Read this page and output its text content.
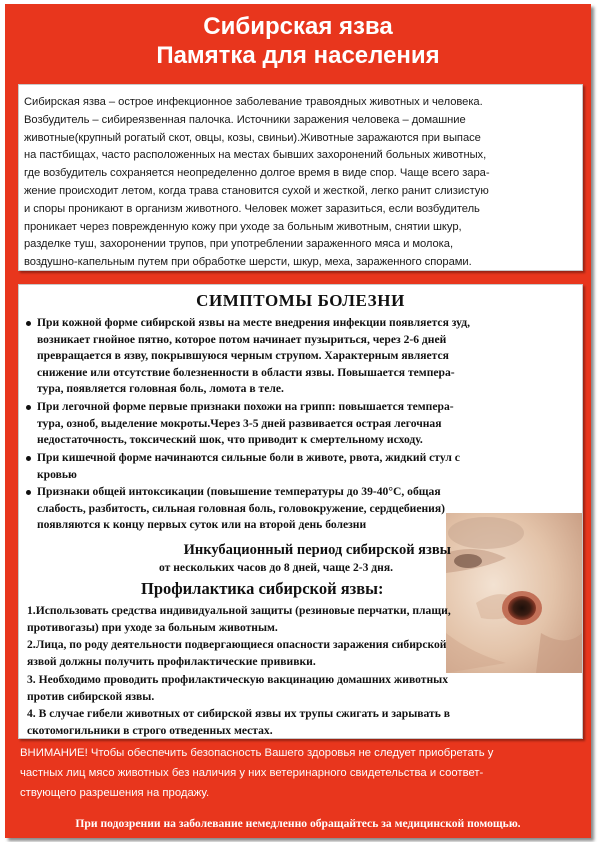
Сибирская язва
Памятка для населения
Сибирская язва – острое инфекционное заболевание травоядных животных и человека.
Возбудитель – сибиреязвенная палочка. Источники заражения человека – домашние
животные(крупный рогатый скот, овцы, козы, свиньи).Животные заражаются при выпасе
на пастбищах, часто расположенных на местах бывших захоронений больных животных,
где возбудитель сохраняется неопределенно долгое время в виде спор. Чаще всего зара-
жение происходит летом, когда трава становится сухой и жесткой, легко ранит слизистую
и споры проникают в организм животного. Человек может заразиться, если возбудитель
проникает через поврежденную кожу при уходе за больным животным, снятии шкур,
разделке туш, захоронении трупов, при употреблении зараженного мяса и молока,
воздушно-капельным путем при обработке шерсти, шкур, меха, зараженного спорами.
СИМПТОМЫ БОЛЕЗНИ
При кожной форме сибирской язвы на месте внедрения инфекции появляется зуд,
возникает гнойное пятно, которое потом начинает пузыриться, через 2-6 дней
превращается в язву, покрывшуюся черным струпом. Характерным является
снижение или отсутствие болезненности в области язвы. Повышается темпера-
тура, появляется головная боль, ломота в теле.
При легочной форме первые признаки похожи на грипп: повышается темпера-
тура, озноб, выделение мокроты.Через 3-5 дней развивается острая легочная
недостаточность, токсический шок, что приводит к смертельному исходу.
При кишечной форме начинаются сильные боли в животе, рвота, жидкий стул с
кровью
Признаки общей интоксикации (повышение температуры до 39-40°С, общая
слабость, разбитость, сильная головная боль, головокружение, сердцебиения)
появляются к концу первых суток или на второй день болезни
Инкубационный период сибирской язвы
от нескольких часов до 8 дней, чаще 2-3 дня.
Профилактика сибирской язвы:
1.Использовать средства индивидуальной защиты (резиновые перчатки, плащи,
противогазы) при уходе за больным животным.
2.Лица, по роду деятельности подвергающиеся опасности заражения сибирской
язвой должны получить профилактические прививки.
3. Необходимо проводить профилактическую вакцинацию домашних животных
против сибирской язвы.
4. В случае гибели животных от сибирской язвы их трупы сжигать и зарывать в
скотомогильники в строго отведенных местах.
ВНИМАНИЕ! Чтобы обеспечить безопасность Вашего здоровья не следует приобретать у
частных лиц мясо животных без наличия у них ветеринарного свидетельства и соответ-
ствующего разрешения на продажу.
При подозрении на заболевание немедленно обращайтесь за медицинской помощью.
